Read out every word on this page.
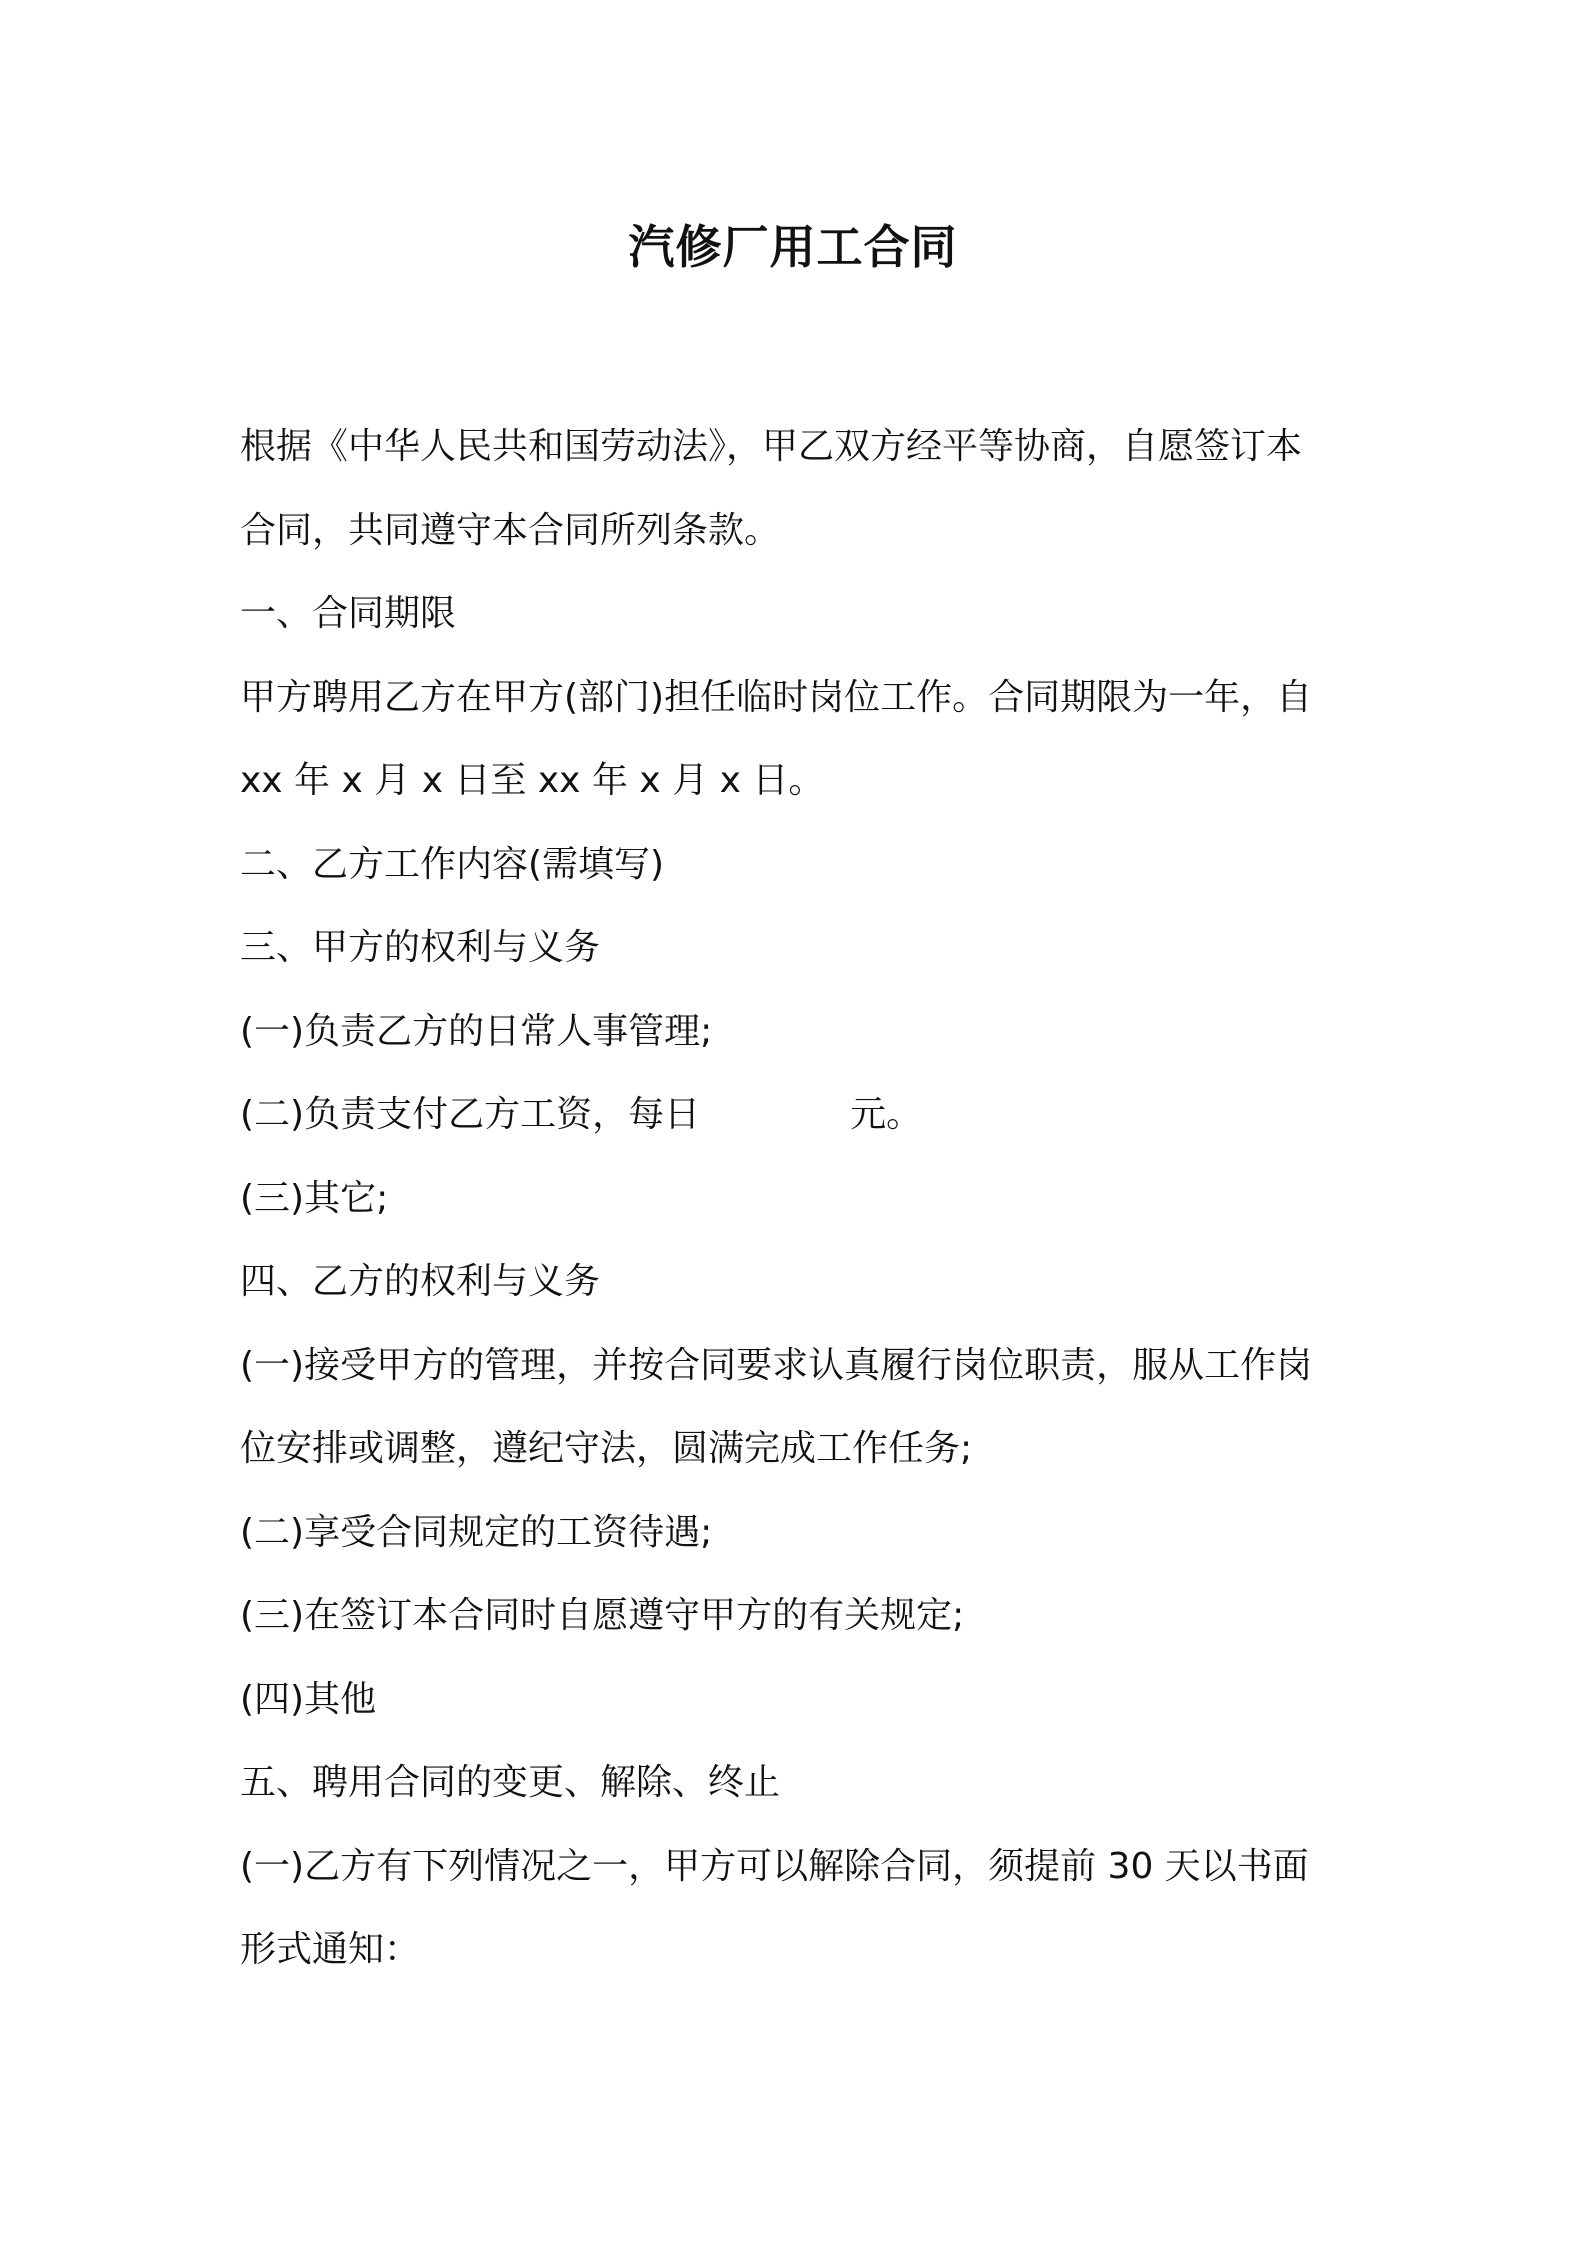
汽修厂用工合同
根据《中华人民共和国劳动法》，甲乙双方经平等协商，自愿签订本
合同，共同遵守本合同所列条款。
一、合同期限
甲方聘用乙方在甲方(部门)担任临时岗位工作。合同期限为一年，自
xx 年 x 月 x 日至 xx 年 x 月 x 日。
二、乙方工作内容(需填写)
三、甲方的权利与义务
(一)负责乙方的日常人事管理;
(二)负责支付乙方工资，每日	元。
(三)其它;
四、乙方的权利与义务
(一)接受甲方的管理，并按合同要求认真履行岗位职责，服从工作岗
位安排或调整，遵纪守法，圆满完成工作任务;
(二)享受合同规定的工资待遇;
(三)在签订本合同时自愿遵守甲方的有关规定;
(四)其他
五、聘用合同的变更、解除、终止
(一)乙方有下列情况之一，甲方可以解除合同，须提前 30 天以书面
形式通知：
